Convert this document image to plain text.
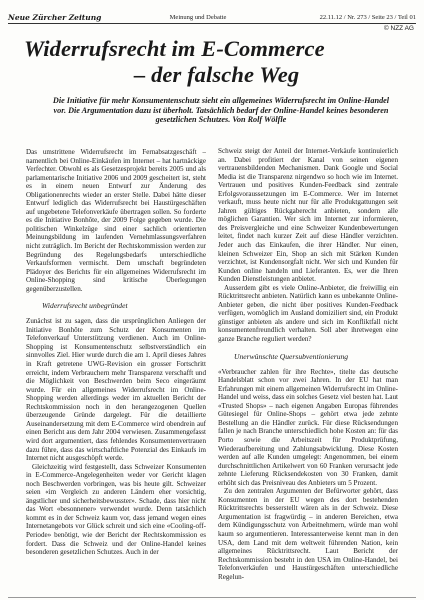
Neue Zürcher Zeitung	Meinung und Debatte	22.11.12 / Nr. 273 / Seite 23 / Teil 01
© NZZ AG
Widerrufsrecht im E-Commerce
– der falsche Weg

Die Initiative für mehr Konsumentenschutz sieht ein allgemeines Widerrufsrecht im Online-Handel vor. Die Argumentation dazu ist überholt. Tatsächlich bedarf der Online-Handel keines besonderen gesetzlichen Schutzes. Von Rolf Wölfle

Das umstrittene Widerrufsrecht im Fernabsatzgeschäft – namentlich bei Online-Einkäufen im Internet – hat hartnäckige Verfechter. Obwohl es als Gesetzesprojekt bereits 2005 und als parlamentarische Initiative 2006 und 2009 gescheitert ist, steht es in einem neuen Entwurf zur Änderung des Obligationenrechts wieder an erster Stelle. Dabei hätte dieser Entwurf lediglich das Widerrufsrecht bei Haustürgeschäften auf ungebetene Telefonverkäufe übertragen sollen. So forderte es die Initiative Bonhôte, der 2009 Folge gegeben wurde. Die politischen Winkelzüge sind einer sachlich orientierten Meinungsbildung im laufenden Vernehmlassungsverfahren nicht zuträglich. Im Bericht der Rechtskommission werden zur Begründung des Regelungsbedarfs unterschiedliche Verkaufsformen vermischt. Dem umschaft begründeten Plädoyer des Berichts für ein allgemeines Widerrufsrecht im Online-Shopping sind kritische Überlegungen gegenüberzustellen.

Widerrufsrecht unbegründet

Zunächst ist zu sagen, dass die ursprünglichen Anliegen der Initiative Bonhôte zum Schutz der Konsumenten im Telefonverkauf Unterstützung verdienen. Auch im Online-Shopping ist Konsumentenschutz selbstverständlich ein sinnvolles Ziel. Hier wurde durch die am 1. April dieses Jahres in Kraft getretene UWG-Revision ein grosser Fortschritt erreicht, indem Verbrauchern mehr Transparenz verschafft und die Möglichkeit von Beschwerden beim Seco eingeräumt wurde. Für ein allgemeines Widerrufsrecht im Online-Shopping werden allerdings weder im aktuellen Bericht der Rechtskommission noch in den herangezogenen Quellen überzeugende Gründe dargelegt. Für die detaillierte Auseinandersetzung mit dem E-Commerce wird obendrein auf einen Bericht aus dem Jahr 2004 verwiesen. Zusammengefasst wird dort argumentiert, dass fehlendes Konsumentenvertrauen dazu führe, dass das wirtschaftliche Potenzial des Einkaufs im Internet nicht ausgeschöpft werde.

Gleichzeitig wird festgestellt, dass Schweizer Konsumenten in E-Commerce-Angelegenheiten weder vor Gericht klagen noch Beschwerden vorbringen, was bis heute gilt. Schweizer seien «im Vergleich zu anderen Ländern eher vorsichtig, ängstlicher und sicherheitsbewusster». Schade, dass hier nicht das Wort «besonnener» verwendet wurde. Denn tatsächlich kommt es in der Schweiz kaum vor, dass jemand wegen eines Internetangebots vor Glück schreit und sich eine «Cooling-off-Periode» benötigt, wie der Bericht der Rechtskommission es fordert. Dass die Schweiz und der Online-Handel keines besonderen gesetzlichen Schutzes. Auch in der

Schweiz steigt der Anteil der Internet-Verkäufe kontinuierlich an. Dabei profitiert der Kanal von seinen eigenen vertrauensbildenden Mechanismen. Dank Google und Social Media ist die Transparenz nirgendwo so hoch wie im Internet. Vertrauen und positives Kunden-Feedback sind zentrale Erfolgsvoraussetzungen im E-Commerce. Wer im Internet verkauft, muss heute nicht nur für alle Produktgattungen seit Jahren gültiges Rückgaberecht anbieten, sondern alle möglichen Garantien. Wer sich im Internet zur informieren, des Preisvergleiche und eine Schweizer Kundenbewertungen leitet, findet nach kurzer Zeit auf diese Händler verzichten. Jeder auch das Einkaufen, die ihrer Händler. Nur einen, kleinen Schweizer Ein, Shop an sich mit Stärken Kunden verzichtet, ist Kundensorgfalt nicht. Wer sich und Kunden für Kunden online handeln und Lieferanten. Es, wer die Ihren Kunden Dienstleistungen anbietet.

Ausserdem gibt es viele Online-Anbieter, die freiwillig ein Rücktrittsrecht anbieten. Natürlich kann es unbekannte Online-Anbieter geben, die nicht über positives Kunden-Feedback verfügen, womöglich im Ausland domiziliert sind, ein Produkt günstiger anbieten als andere und sich im Konfliktfall nicht konsumentenfreundlich verhalten. Soll aber ihretwegen eine ganze Branche reguliert werden?

Unerwünschte Quersubventionierung

«Verbraucher zahlen für ihre Rechte», titelte das deutsche Handelsblatt schon vor zwei Jahren. In der EU hat man Erfahrungen mit einem allgemeinen Widerrufsrecht im Online-Handel und weiss, dass ein solches Gesetz viel besten hat. Laut «Trusted Shops» – nach eigenen Angaben Europas führendes Gütesiegel für Online-Shops – gehört etwa jede zehnte Bestellung an die Händler zurück. Für diese Rücksendungen fallen je nach Branche unterschiedlich hohe Kosten an: für das Porto sowie die Arbeitszeit für Produktprüfung, Wiederaufbereitung und Zahlungsabwicklung. Diese Kosten werden auf alle Kunden umgelegt: Angenommen, bei einem durchschnittlichen Artikelwert von 60 Franken verursacht jede zehnte Lieferung Rücksendekosten von 30 Franken, damit erhöht sich das Preisniveau des Anbieters um 5 Prozent.

Zu den zentralen Argumenten der Befürworter gehört, dass Konsumenten in der EU wegen des dort bestehenden Rücktrittsrechts besserstellt wären als in der Schweiz. Diese Argumentation ist fragwürdig – in anderen Bereichen, etwa dem Kündigungsschutz von Arbeitnehmern, würde man wohl kaum so argumentieren. Interessanterweise kennt man in den USA, dem Land mit dem weltweit führenden Nation, kein allgemeines Rücktrittsrecht. Laut Bericht der Rechtskommission besteht in den USA im Online-Handel, bei Telefonverkäufen und Haustürgeschäften unterschiedliche Regelun-
